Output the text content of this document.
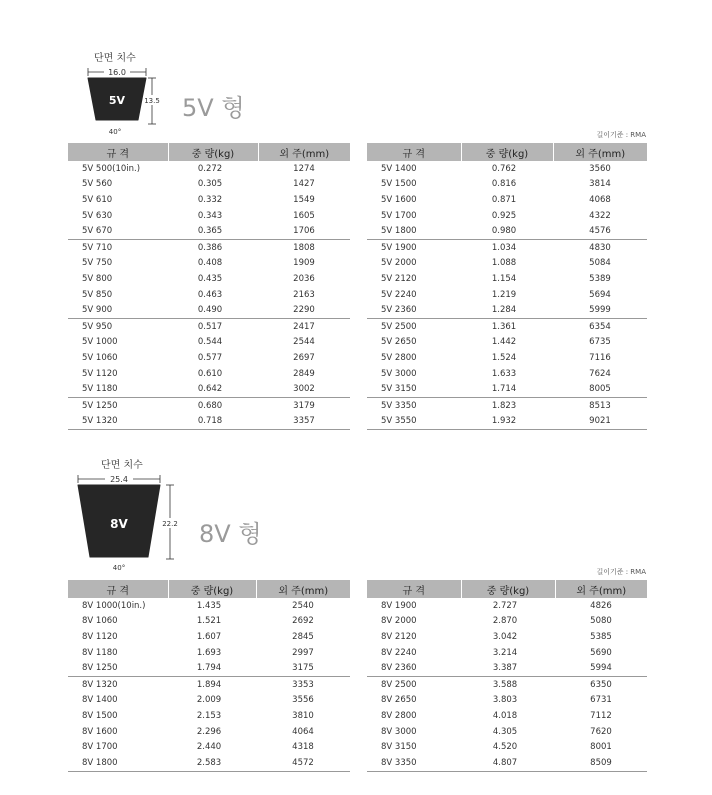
단면 치수
16.0
5V	13.5
40°
5V 형
길이기준 : RMA
규 격	중 량(kg)	외 주(mm)
5V 500(10in.)	0.272	1274
5V 560	0.305	1427
5V 610	0.332	1549
5V 630	0.343	1605
5V 670	0.365	1706
5V 710	0.386	1808
5V 750	0.408	1909
5V 800	0.435	2036
5V 850	0.463	2163
5V 900	0.490	2290
5V 950	0.517	2417
5V 1000	0.544	2544
5V 1060	0.577	2697
5V 1120	0.610	2849
5V 1180	0.642	3002
5V 1250	0.680	3179
5V 1320	0.718	3357
규 격	중 량(kg)	외 주(mm)
5V 1400	0.762	3560
5V 1500	0.816	3814
5V 1600	0.871	4068
5V 1700	0.925	4322
5V 1800	0.980	4576
5V 1900	1.034	4830
5V 2000	1.088	5084
5V 2120	1.154	5389
5V 2240	1.219	5694
5V 2360	1.284	5999
5V 2500	1.361	6354
5V 2650	1.442	6735
5V 2800	1.524	7116
5V 3000	1.633	7624
5V 3150	1.714	8005
5V 3350	1.823	8513
5V 3550	1.932	9021
단면 치수
25.4
8V	22.2
40°
8V 형
길이기준 : RMA
규 격	중 량(kg)	외 주(mm)
8V 1000(10in.)	1.435	2540
8V 1060	1.521	2692
8V 1120	1.607	2845
8V 1180	1.693	2997
8V 1250	1.794	3175
8V 1320	1.894	3353
8V 1400	2.009	3556
8V 1500	2.153	3810
8V 1600	2.296	4064
8V 1700	2.440	4318
8V 1800	2.583	4572
규 격	중 량(kg)	외 주(mm)
8V 1900	2.727	4826
8V 2000	2.870	5080
8V 2120	3.042	5385
8V 2240	3.214	5690
8V 2360	3.387	5994
8V 2500	3.588	6350
8V 2650	3.803	6731
8V 2800	4.018	7112
8V 3000	4.305	7620
8V 3150	4.520	8001
8V 3350	4.807	8509
